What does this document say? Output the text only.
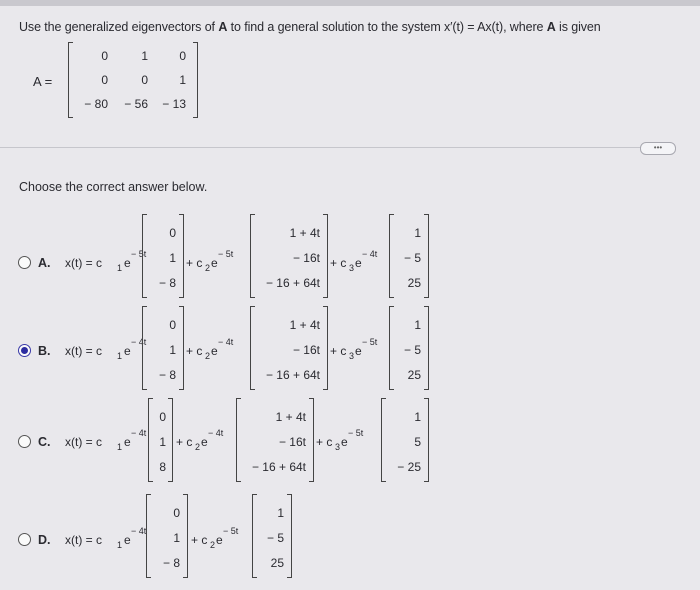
Use the generalized eigenvectors of A to find a general solution to the system x′(t) = Ax(t), where A is given
A =
0	1	0
0	0	1
− 80	− 56	− 13
•••
Choose the correct answer below.
A. x(t) = c 1 e
− 5t
0
1
− 8
+ c 2 e
− 5t
1 + 4t
− 16t
− 16 + 64t
+ c 3 e
− 4t
1
− 5
25
B. x(t) = c 1 e
− 4t
0
1
− 8
+ c 2 e
− 4t
1 + 4t
− 16t
− 16 + 64t
+ c 3 e
− 5t
1
− 5
25
C. x(t) = c 1 e
− 4t
0
1
8
+ c 2 e
− 4t
1 + 4t
− 16t
− 16 + 64t
+ c 3 e
− 5t
1
5
− 25
D. x(t) = c 1 e
− 4t
0
1
− 8
+ c 2 e
− 5t
1
− 5
25
